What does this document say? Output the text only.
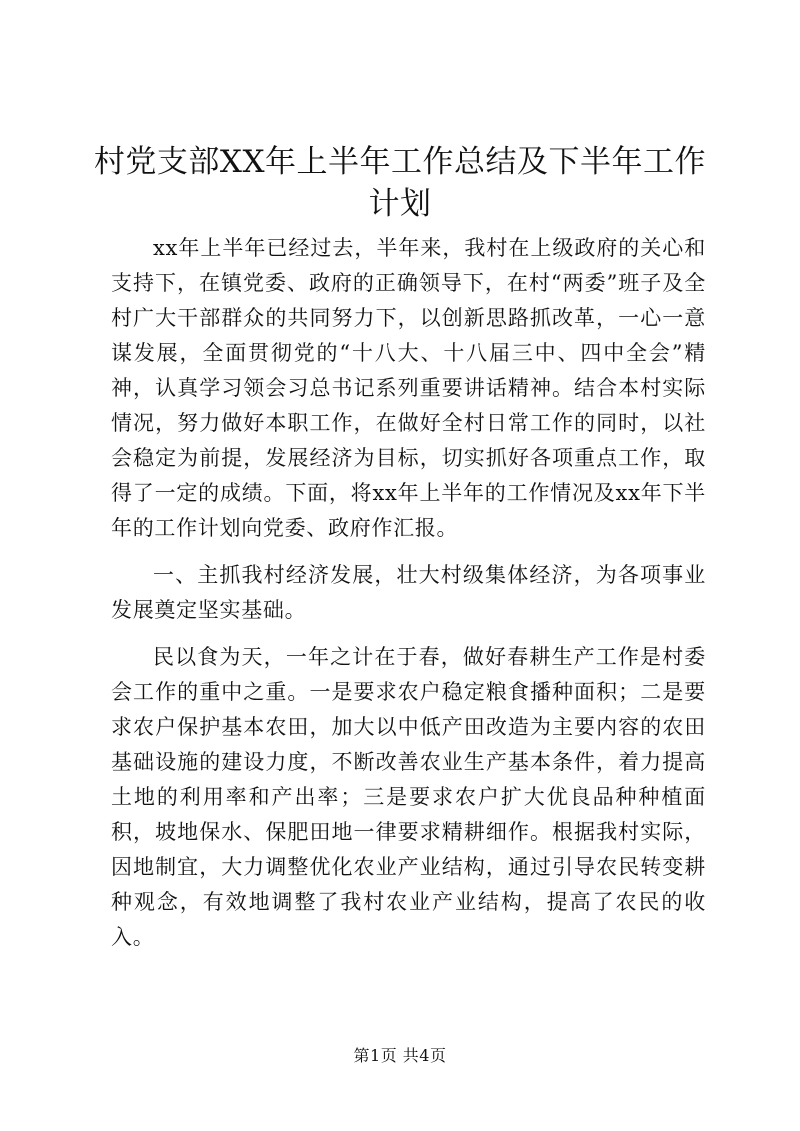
村党支部XX年上半年工作总结及下半年工作
计划

xx年上半年已经过去，半年来，我村在上级政府的关心和支持下，在镇党委、政府的正确领导下，在村“两委”班子及全村广大干部群众的共同努力下，以创新思路抓改革，一心一意谋发展，全面贯彻党的“十八大、十八届三中、四中全会”精神，认真学习领会习总书记系列重要讲话精神。结合本村实际情况，努力做好本职工作，在做好全村日常工作的同时，以社会稳定为前提，发展经济为目标，切实抓好各项重点工作，取得了一定的成绩。下面，将xx年上半年的工作情况及xx年下半年的工作计划向党委、政府作汇报。

一、主抓我村经济发展，壮大村级集体经济，为各项事业发展奠定坚实基础。

民以食为天，一年之计在于春，做好春耕生产工作是村委会工作的重中之重。一是要求农户稳定粮食播种面积；二是要求农户保护基本农田，加大以中低产田改造为主要内容的农田基础设施的建设力度，不断改善农业生产基本条件，着力提高土地的利用率和产出率；三是要求农户扩大优良品种种植面积，坡地保水、保肥田地一律要求精耕细作。根据我村实际，因地制宜，大力调整优化农业产业结构，通过引导农民转变耕种观念，有效地调整了我村农业产业结构，提高了农民的收入。

第1页 共4页
